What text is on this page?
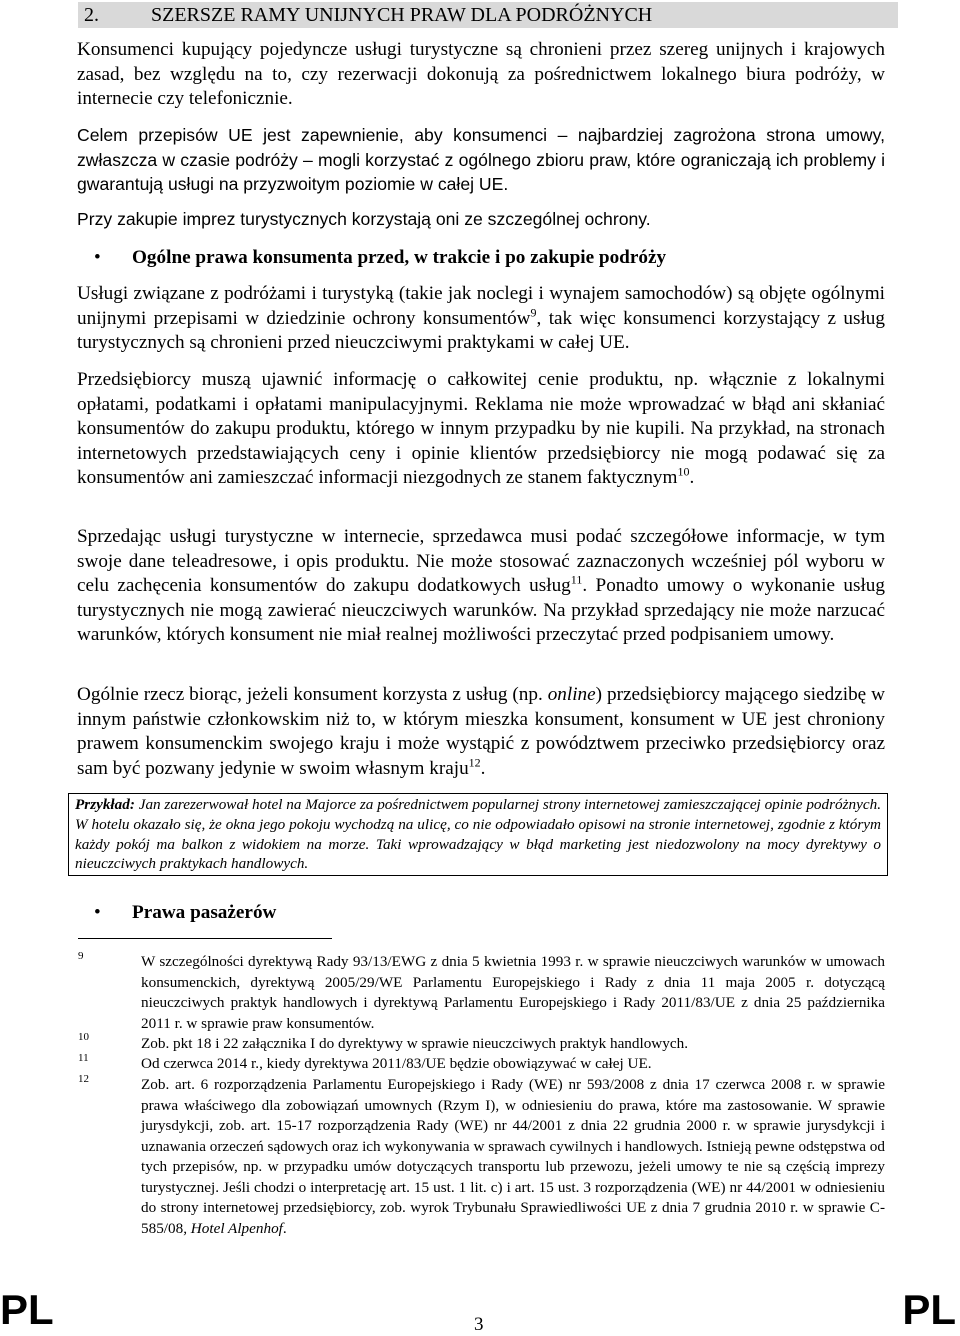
2.	SZERSZE RAMY UNIJNYCH PRAW DLA PODRÓŻNYCH
Konsumenci kupujący pojedyncze usługi turystyczne są chronieni przez szereg unijnych i krajowych zasad, bez względu na to, czy rezerwacji dokonują za pośrednictwem lokalnego biura podróży, w internecie czy telefonicznie.
Celem przepisów UE jest zapewnienie, aby konsumenci – najbardziej zagrożona strona umowy, zwłaszcza w czasie podróży – mogli korzystać z ogólnego zbioru praw, które ograniczają ich problemy i gwarantują usługi na przyzwoitym poziomie w całej UE.
Przy zakupie imprez turystycznych korzystają oni ze szczególnej ochrony.
• Ogólne prawa konsumenta przed, w trakcie i po zakupie podróży
Usługi związane z podróżami i turystyką (takie jak noclegi i wynajem samochodów) są objęte ogólnymi unijnymi przepisami w dziedzinie ochrony konsumentów$^9$, tak więc konsumenci korzystający z usług turystycznych są chronieni przed nieuczciwymi praktykami w całej UE.
Przedsiębiorcy muszą ujawnić informację o całkowitej cenie produktu, np. włącznie z lokalnymi opłatami, podatkami i opłatami manipulacyjnymi. Reklama nie może wprowadzać w błąd ani skłaniać konsumentów do zakupu produktu, którego w innym przypadku by nie kupili. Na przykład, na stronach internetowych przedstawiających ceny i opinie klientów przedsiębiorcy nie mogą podawać się za konsumentów ani zamieszczać informacji niezgodnych ze stanem faktycznym$^{10}$.
Sprzedając usługi turystyczne w internecie, sprzedawca musi podać szczegółowe informacje, w tym swoje dane teleadresowe, i opis produktu. Nie może stosować zaznaczonych wcześniej pól wyboru w celu zachęcenia konsumentów do zakupu dodatkowych usług$^{11}$. Ponadto umowy o wykonanie usług turystycznych nie mogą zawierać nieuczciwych warunków. Na przykład sprzedający nie może narzucać warunków, których konsument nie miał realnej możliwości przeczytać przed podpisaniem umowy.
Ogólnie rzecz biorąc, jeżeli konsument korzysta z usług (np. online) przedsiębiorcy mającego siedzibę w innym państwie członkowskim niż to, w którym mieszka konsument, konsument w UE jest chroniony prawem konsumenckim swojego kraju i może wystąpić z powództwem przeciwko przedsiębiorcy oraz sam być pozwany jedynie w swoim własnym kraju$^{12}$.
Przykład: Jan zarezerwował hotel na Majorce za pośrednictwem popularnej strony internetowej zamieszczającej opinie podróżnych. W hotelu okazało się, że okna jego pokoju wychodzą na ulicę, co nie odpowiadało opisowi na stronie internetowej, zgodnie z którym każdy pokój ma balkon z widokiem na morze. Taki wprowadzający w błąd marketing jest niedozwolony na mocy dyrektywy o nieuczciwych praktykach handlowych.
• Prawa pasażerów
9	W szczególności dyrektywą Rady 93/13/EWG z dnia 5 kwietnia 1993 r. w sprawie nieuczciwych warunków w umowach konsumenckich, dyrektywą 2005/29/WE Parlamentu Europejskiego i Rady z dnia 11 maja 2005 r. dotyczącą nieuczciwych praktyk handlowych i dyrektywą Parlamentu Europejskiego i Rady 2011/83/UE z dnia 25 października 2011 r. w sprawie praw konsumentów.
10	Zob. pkt 18 i 22 załącznika I do dyrektywy w sprawie nieuczciwych praktyk handlowych.
11	Od czerwca 2014 r., kiedy dyrektywa 2011/83/UE będzie obowiązywać w całej UE.
12	Zob. art. 6 rozporządzenia Parlamentu Europejskiego i Rady (WE) nr 593/2008 z dnia 17 czerwca 2008 r. w sprawie prawa właściwego dla zobowiązań umownych (Rzym I), w odniesieniu do prawa, które ma zastosowanie. W sprawie jurysdykcji, zob. art. 15-17 rozporządzenia Rady (WE) nr 44/2001 z dnia 22 grudnia 2000 r. w sprawie jurysdykcji i uznawania orzeczeń sądowych oraz ich wykonywania w sprawach cywilnych i handlowych. Istnieją pewne odstępstwa od tych przepisów, np. w przypadku umów dotyczących transportu lub przewozu, jeżeli umowy te nie są częścią imprezy turystycznej. Jeśli chodzi o interpretację art. 15 ust. 1 lit. c) i art. 15 ust. 3 rozporządzenia (WE) nr 44/2001 w odniesieniu do strony internetowej przedsiębiorcy, zob. wyrok Trybunału Sprawiedliwości UE z dnia 7 grudnia 2010 r. w sprawie C-585/08, Hotel Alpenhof.
PL	3	PL
